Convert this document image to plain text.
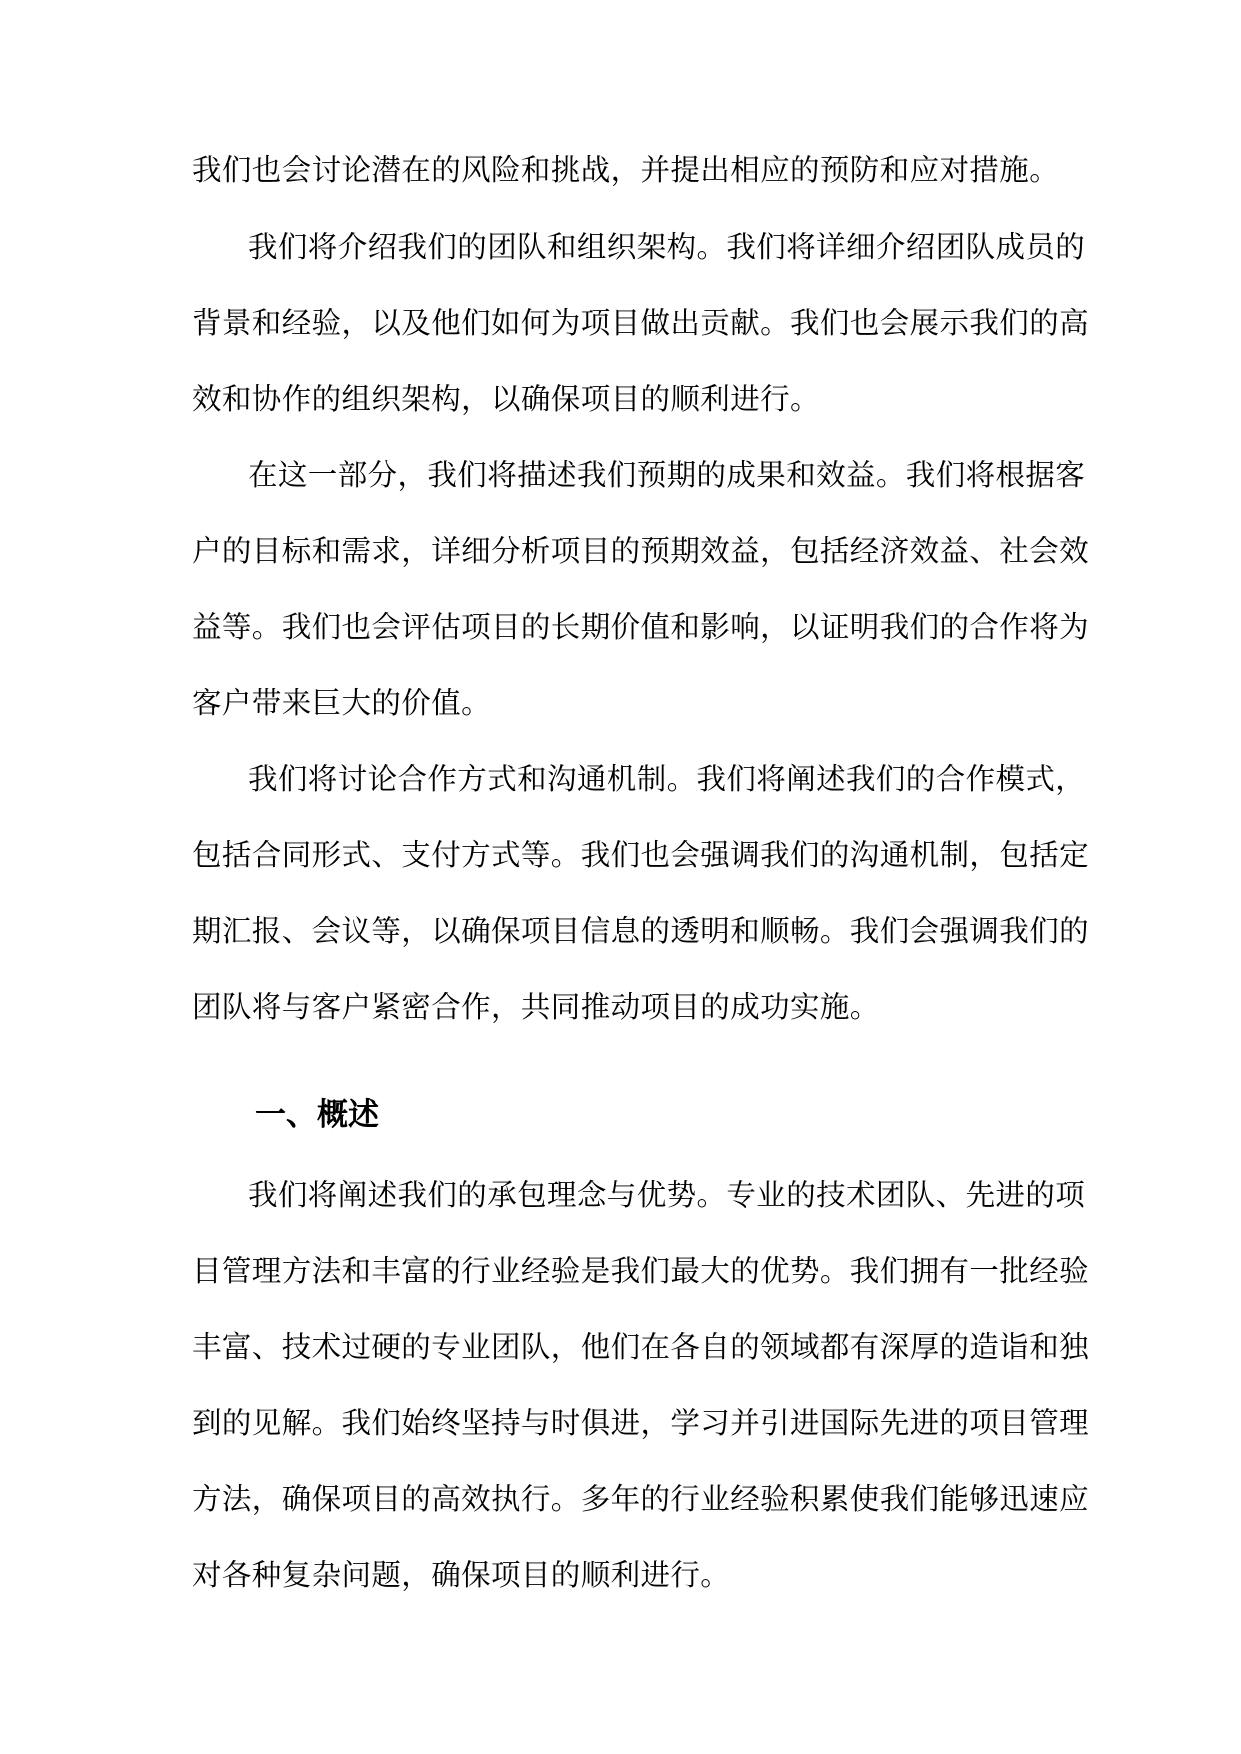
我们也会讨论潜在的风险和挑战，并提出相应的预防和应对措施。
我们将介绍我们的团队和组织架构。我们将详细介绍团队成员的
背景和经验，以及他们如何为项目做出贡献。我们也会展示我们的高
效和协作的组织架构，以确保项目的顺利进行。
在这一部分，我们将描述我们预期的成果和效益。我们将根据客
户的目标和需求，详细分析项目的预期效益，包括经济效益、社会效
益等。我们也会评估项目的长期价值和影响，以证明我们的合作将为
客户带来巨大的价值。
我们将讨论合作方式和沟通机制。我们将阐述我们的合作模式，
包括合同形式、支付方式等。我们也会强调我们的沟通机制，包括定
期汇报、会议等，以确保项目信息的透明和顺畅。我们会强调我们的
团队将与客户紧密合作，共同推动项目的成功实施。
一、概述
我们将阐述我们的承包理念与优势。专业的技术团队、先进的项
目管理方法和丰富的行业经验是我们最大的优势。我们拥有一批经验
丰富、技术过硬的专业团队，他们在各自的领域都有深厚的造诣和独
到的见解。我们始终坚持与时俱进，学习并引进国际先进的项目管理
方法，确保项目的高效执行。多年的行业经验积累使我们能够迅速应
对各种复杂问题，确保项目的顺利进行。
